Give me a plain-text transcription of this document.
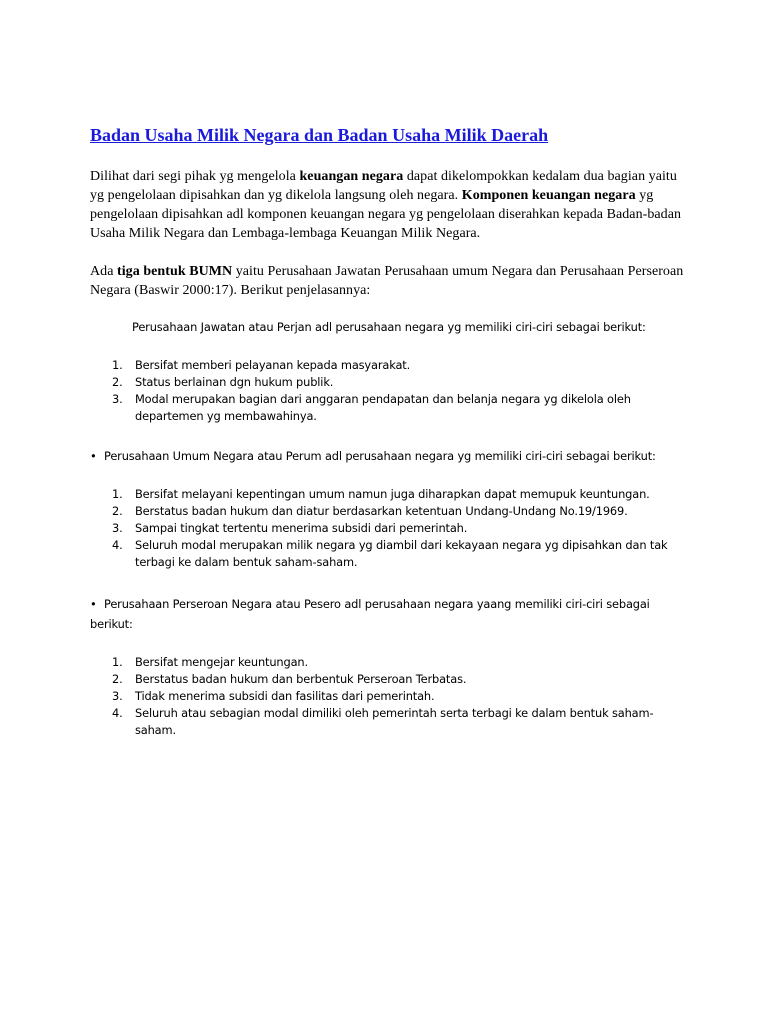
Badan Usaha Milik Negara dan Badan Usaha Milik Daerah

Dilihat dari segi pihak yg mengelola keuangan negara dapat dikelompokkan kedalam dua bagian yaitu yg pengelolaan dipisahkan dan yg dikelola langsung oleh negara. Komponen keuangan negara yg pengelolaan dipisahkan adl komponen keuangan negara yg pengelolaan diserahkan kepada Badan-badan Usaha Milik Negara dan Lembaga-lembaga Keuangan Milik Negara.

Ada tiga bentuk BUMN yaitu Perusahaan Jawatan Perusahaan umum Negara dan Perusahaan Perseroan Negara (Baswir 2000:17). Berikut penjelasannya:

Perusahaan Jawatan atau Perjan adl perusahaan negara yg memiliki ciri-ciri sebagai berikut:
1. Bersifat memberi pelayanan kepada masyarakat.
2. Status berlainan dgn hukum publik.
3. Modal merupakan bagian dari anggaran pendapatan dan belanja negara yg dikelola oleh departemen yg membawahinya.
• Perusahaan Umum Negara atau Perum adl perusahaan negara yg memiliki ciri-ciri sebagai berikut:
1. Bersifat melayani kepentingan umum namun juga diharapkan dapat memupuk keuntungan.
2. Berstatus badan hukum dan diatur berdasarkan ketentuan Undang-Undang No.19/1969.
3. Sampai tingkat tertentu menerima subsidi dari pemerintah.
4. Seluruh modal merupakan milik negara yg diambil dari kekayaan negara yg dipisahkan dan tak terbagi ke dalam bentuk saham-saham.
• Perusahaan Perseroan Negara atau Pesero adl perusahaan negara yaang memiliki ciri-ciri sebagai berikut:
1. Bersifat mengejar keuntungan.
2. Berstatus badan hukum dan berbentuk Perseroan Terbatas.
3. Tidak menerima subsidi dan fasilitas dari pemerintah.
4. Seluruh atau sebagian modal dimiliki oleh pemerintah serta terbagi ke dalam bentuk saham-saham.
